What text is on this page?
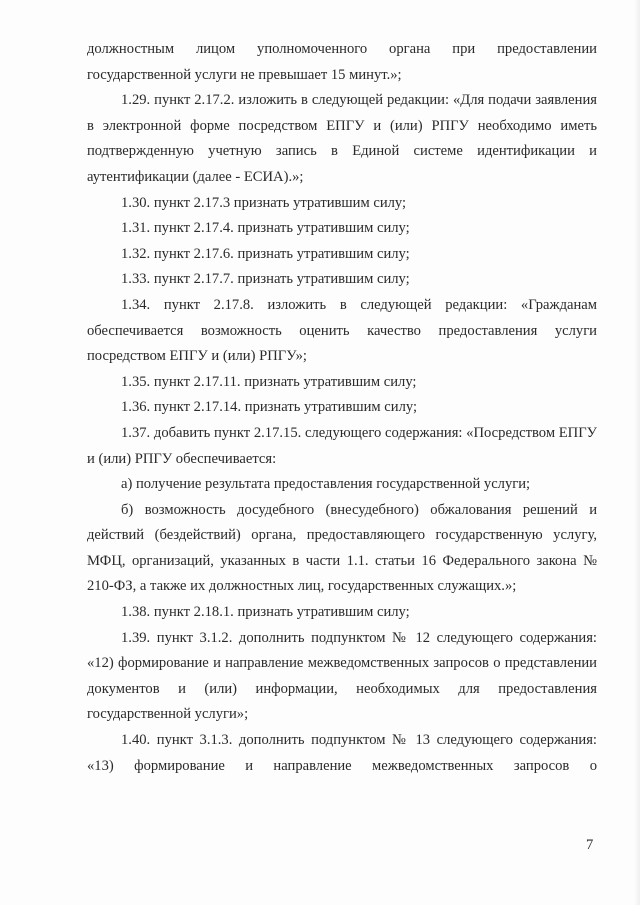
должностным лицом уполномоченного органа при предоставлении государственной услуги не превышает 15 минут.»;

1.29. пункт 2.17.2. изложить в следующей редакции: «Для подачи заявления в электронной форме посредством ЕПГУ и (или) РПГУ необходимо иметь подтвержденную учетную запись в Единой системе идентификации и аутентификации (далее - ЕСИА).»;

1.30. пункт 2.17.3 признать утратившим силу;

1.31. пункт 2.17.4. признать утратившим силу;

1.32. пункт 2.17.6. признать утратившим силу;

1.33. пункт 2.17.7. признать утратившим силу;

1.34. пункт 2.17.8. изложить в следующей редакции: «Гражданам обеспечивается возможность оценить качество предоставления услуги посредством ЕПГУ и (или) РПГУ»;

1.35. пункт 2.17.11. признать утратившим силу;

1.36. пункт 2.17.14. признать утратившим силу;

1.37. добавить пункт 2.17.15. следующего содержания: «Посредством ЕПГУ и (или) РПГУ обеспечивается:

а) получение результата предоставления государственной услуги;

б) возможность досудебного (внесудебного) обжалования решений и действий (бездействий) органа, предоставляющего государственную услугу, МФЦ, организаций, указанных в части 1.1. статьи 16 Федерального закона № 210-ФЗ, а также их должностных лиц, государственных служащих.»;

1.38. пункт 2.18.1. признать утратившим силу;

1.39. пункт 3.1.2. дополнить подпунктом № 12 следующего содержания: «12) формирование и направление межведомственных запросов о представлении документов и (или) информации, необходимых для предоставления государственной услуги»;

1.40. пункт 3.1.3. дополнить подпунктом № 13 следующего содержания: «13) формирование и направление межведомственных запросов о

7
